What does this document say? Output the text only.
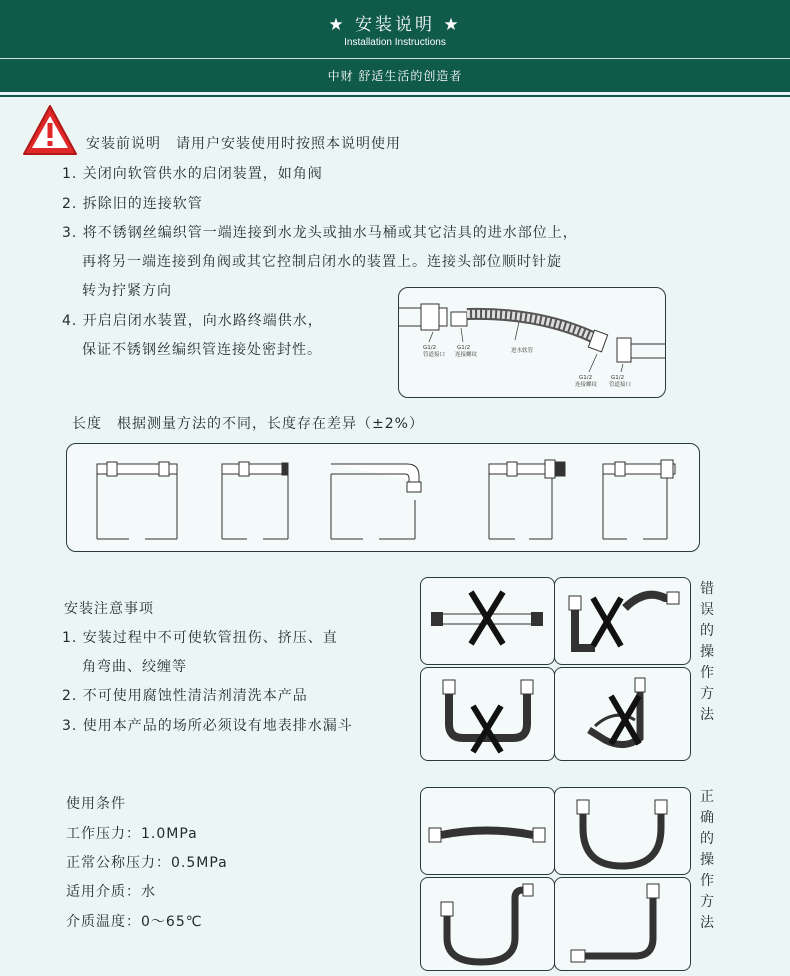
★ 安装说明 ★
Installation Instructions
中财 舒适生活的创造者
安装前说明　请用户安装使用时按照本说明使用
1. 关闭向软管供水的启闭装置，如角阀
2. 拆除旧的连接软管
3. 将不锈钢丝编织管一端连接到水龙头或抽水马桶或其它洁具的进水部位上，
再将另一端连接到角阀或其它控制启闭水的装置上。连接头部位顺时针旋
转为拧紧方向
4. 开启启闭水装置，向水路终端供水，
保证不锈钢丝编织管连接处密封性。	G1/2
管道接口
G1/2
连接螺纹
进水软管
G1/2
连接螺纹
G1/2
管道接口
长度　根据测量方法的不同，长度存在差异（±2%）
安装注意事项
1. 安装过程中不可使软管扭伤、挤压、直
角弯曲、绞缠等
2. 不可使用腐蚀性清洁剂清洗本产品
3. 使用本产品的场所必须设有地表排水漏斗
错
误
的
操
作
方
法
使用条件
工作压力：1.0MPa
正常公称压力：0.5MPa
适用介质：水
介质温度：0～65℃
正
确
的
操
作
方
法
